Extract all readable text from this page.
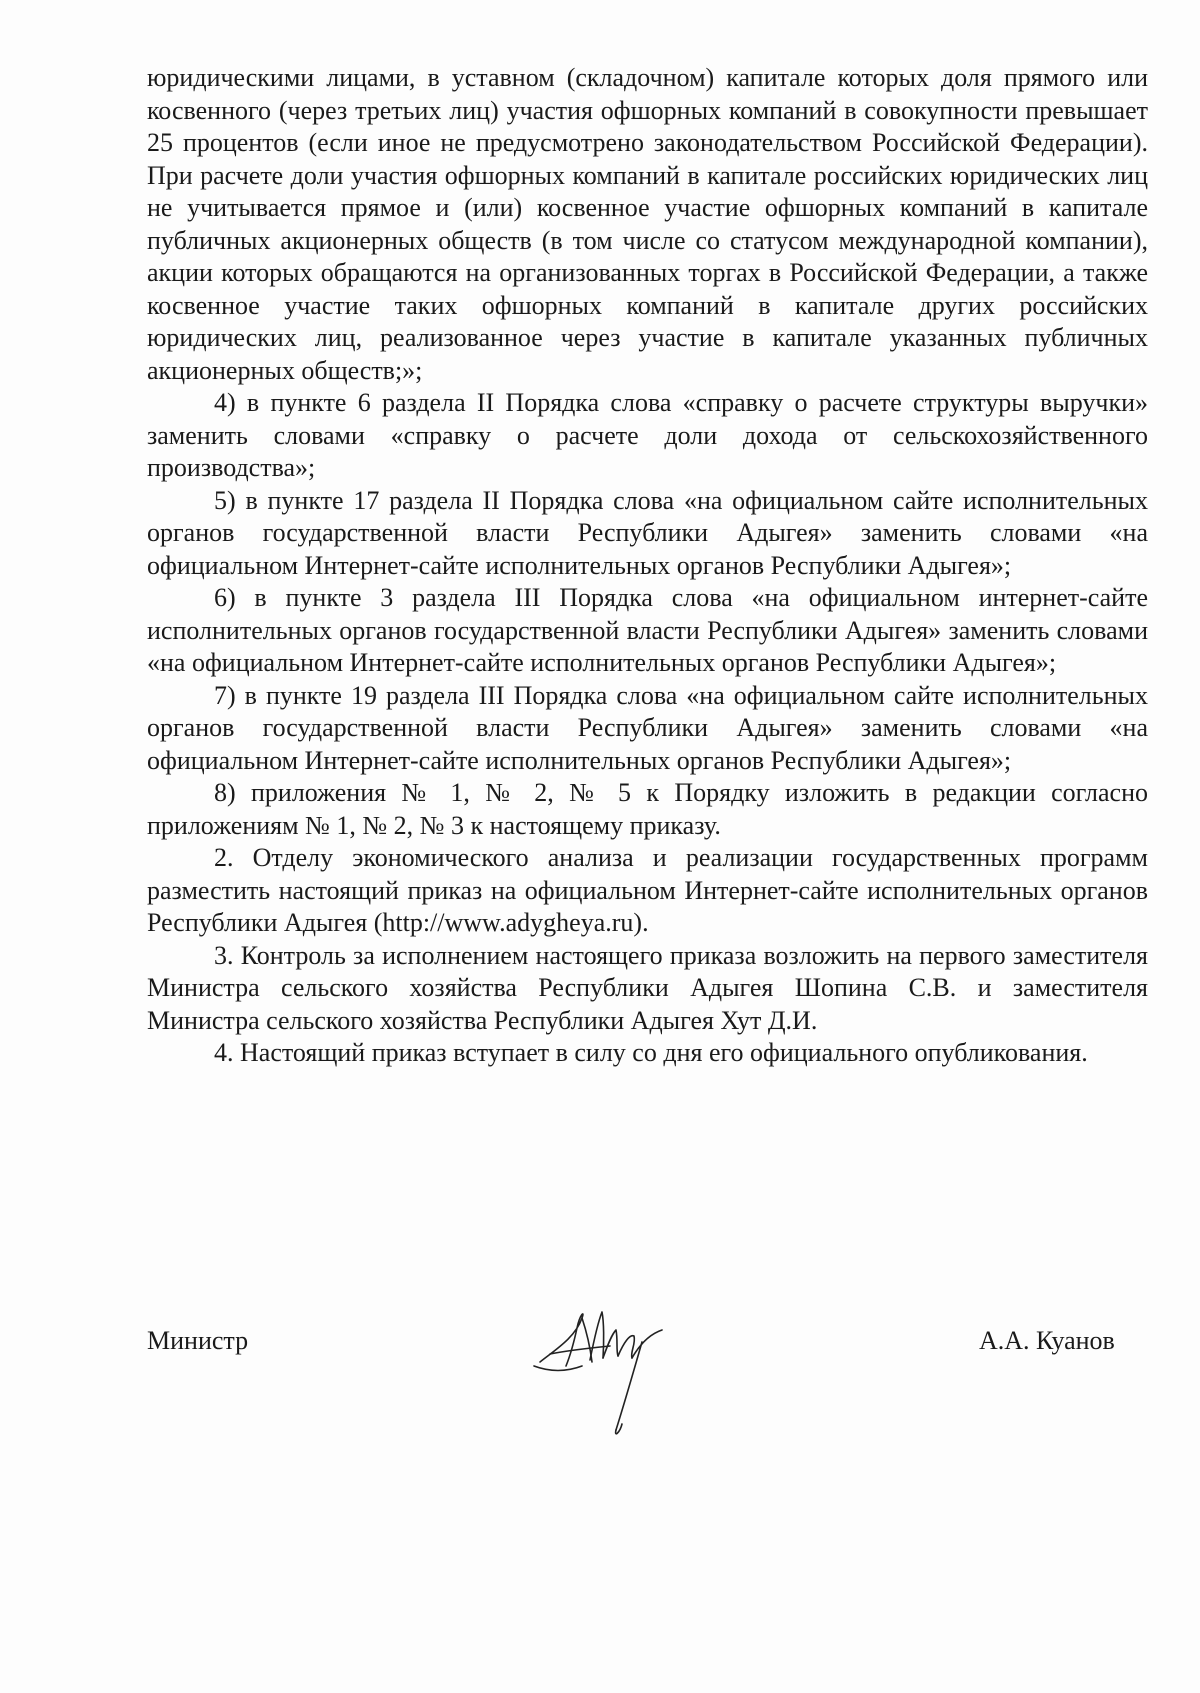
юридическими лицами, в уставном (складочном) капитале которых доля прямого или косвенного (через третьих лиц) участия офшорных компаний в совокупности превышает 25 процентов (если иное не предусмотрено законодательством Российской Федерации). При расчете доли участия офшорных компаний в капитале российских юридических лиц не учитывается прямое и (или) косвенное участие офшорных компаний в капитале публичных акционерных обществ (в том числе со статусом международной компании), акции которых обращаются на организованных торгах в Российской Федерации, а также косвенное участие таких офшорных компаний в капитале других российских юридических лиц, реализованное через участие в капитале указанных публичных акционерных обществ;»;

4) в пункте 6 раздела II Порядка слова «справку о расчете структуры выручки» заменить словами «справку о расчете доли дохода от сельскохозяйственного производства»;

5) в пункте 17 раздела II Порядка слова «на официальном сайте исполнительных органов государственной власти Республики Адыгея» заменить словами «на официальном Интернет-сайте исполнительных органов Республики Адыгея»;

6) в пункте 3 раздела III Порядка слова «на официальном интернет-сайте исполнительных органов государственной власти Республики Адыгея» заменить словами «на официальном Интернет-сайте исполнительных органов Республики Адыгея»;

7) в пункте 19 раздела III Порядка слова «на официальном сайте исполнительных органов государственной власти Республики Адыгея» заменить словами «на официальном Интернет-сайте исполнительных органов Республики Адыгея»;

8) приложения № 1, № 2, № 5 к Порядку изложить в редакции согласно приложениям № 1, № 2, № 3 к настоящему приказу.

2. Отделу экономического анализа и реализации государственных программ разместить настоящий приказ на официальном Интернет-сайте исполнительных органов Республики Адыгея (http://www.adygheya.ru).

3. Контроль за исполнением настоящего приказа возложить на первого заместителя Министра сельского хозяйства Республики Адыгея Шопина С.В. и заместителя Министра сельского хозяйства Республики Адыгея Хут Д.И.

4. Настоящий приказ вступает в силу со дня его официального опубликования.

Министр	А.А. Куанов
